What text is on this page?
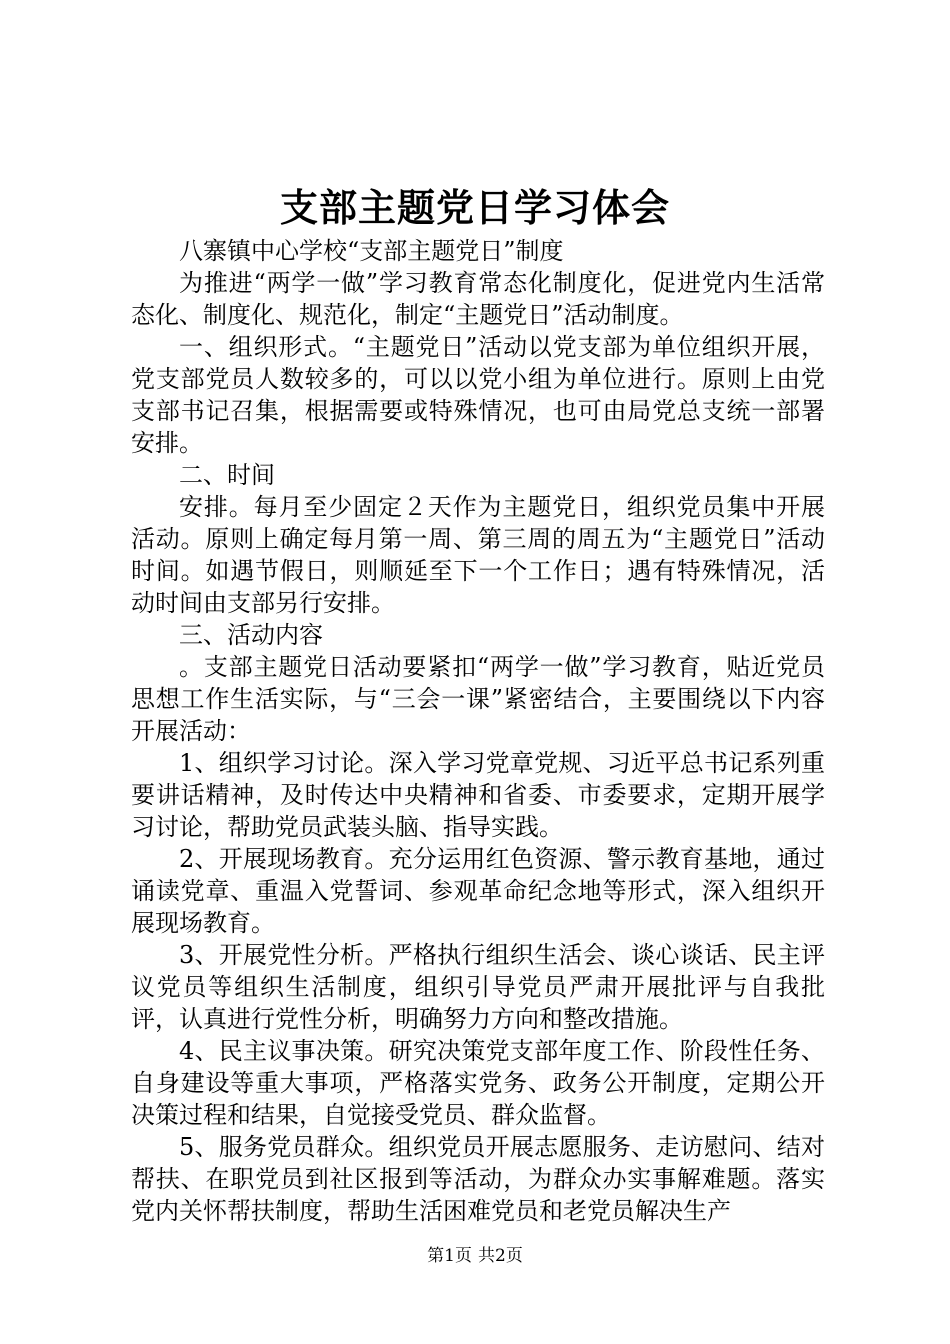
支部主题党日学习体会

八寨镇中心学校“支部主题党日”制度

为推进“两学一做”学习教育常态化制度化，促进党内生活常态化、制度化、规范化，制定“主题党日”活动制度。

一、组织形式。“主题党日”活动以党支部为单位组织开展，党支部党员人数较多的，可以以党小组为单位进行。原则上由党支部书记召集，根据需要或特殊情况，也可由局党总支统一部署安排。

二、时间

安排。每月至少固定２天作为主题党日，组织党员集中开展活动。原则上确定每月第一周、第三周的周五为“主题党日”活动时间。如遇节假日，则顺延至下一个工作日；遇有特殊情况，活动时间由支部另行安排。

三、活动内容

。支部主题党日活动要紧扣“两学一做”学习教育，贴近党员思想工作生活实际，与“三会一课”紧密结合，主要围绕以下内容开展活动：

1、组织学习讨论。深入学习党章党规、习近平总书记系列重要讲话精神，及时传达中央精神和省委、市委要求，定期开展学习讨论，帮助党员武装头脑、指导实践。

2、开展现场教育。充分运用红色资源、警示教育基地，通过诵读党章、重温入党誓词、参观革命纪念地等形式，深入组织开展现场教育。

3、开展党性分析。严格执行组织生活会、谈心谈话、民主评议党员等组织生活制度，组织引导党员严肃开展批评与自我批评，认真进行党性分析，明确努力方向和整改措施。

4、民主议事决策。研究决策党支部年度工作、阶段性任务、自身建设等重大事项，严格落实党务、政务公开制度，定期公开决策过程和结果，自觉接受党员、群众监督。

5、服务党员群众。组织党员开展志愿服务、走访慰问、结对帮扶、在职党员到社区报到等活动，为群众办实事解难题。落实党内关怀帮扶制度，帮助生活困难党员和老党员解决生产

第1页 共2页
